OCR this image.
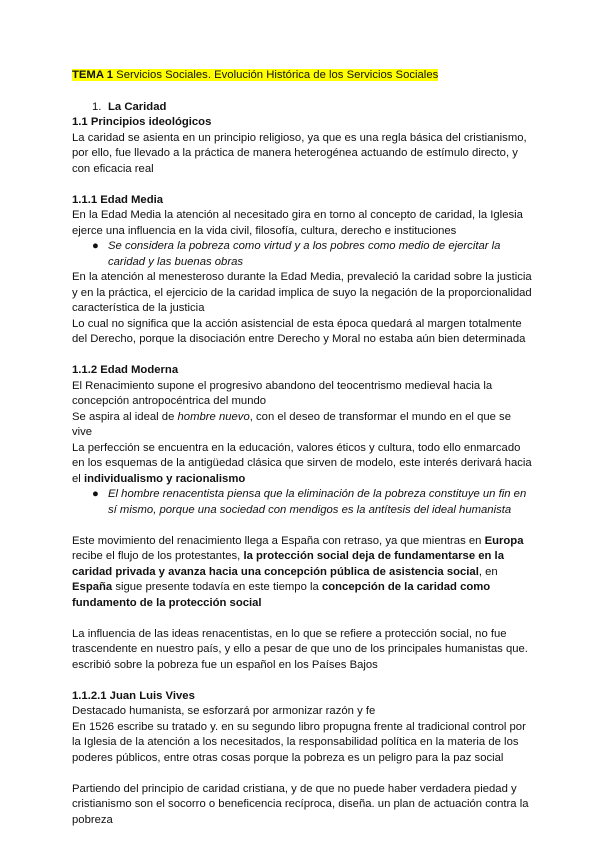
TEMA 1 Servicios Sociales. Evolución Histórica de los Servicios Sociales

1. La Caridad

1.1 Principios ideológicos

La caridad se asienta en un principio religioso, ya que es una regla básica del cristianismo, por ello, fue llevado a la práctica de manera heterogénea actuando de estímulo directo, y con eficacia real

1.1.1 Edad Media

En la Edad Media la atención al necesitado gira en torno al concepto de caridad, la Iglesia ejerce una influencia en la vida civil, filosofía, cultura, derecho e instituciones

● Se considera la pobreza como virtud y a los pobres como medio de ejercitar la caridad y las buenas obras

En la atención al menesteroso durante la Edad Media, prevaleció la caridad sobre la justicia y en la práctica, el ejercicio de la caridad implica de suyo la negación de la proporcionalidad característica de la justicia

Lo cual no significa que la acción asistencial de esta época quedará al margen totalmente del Derecho, porque la disociación entre Derecho y Moral no estaba aún bien determinada

1.1.2 Edad Moderna

El Renacimiento supone el progresivo abandono del teocentrismo medieval hacia la concepción antropocéntrica del mundo

Se aspira al ideal de hombre nuevo, con el deseo de transformar el mundo en el que se vive

La perfección se encuentra en la educación, valores éticos y cultura, todo ello enmarcado en los esquemas de la antigüedad clásica que sirven de modelo, este interés derivará hacia el individualismo y racionalismo

● El hombre renacentista piensa que la eliminación de la pobreza constituye un fin en sí mismo, porque una sociedad con mendigos es la antítesis del ideal humanista

Este movimiento del renacimiento llega a España con retraso, ya que mientras en Europa recibe el flujo de los protestantes, la protección social deja de fundamentarse en la caridad privada y avanza hacia una concepción pública de asistencia social, en España sigue presente todavía en este tiempo la concepción de la caridad como fundamento de la protección social

La influencia de las ideas renacentistas, en lo que se refiere a protección social, no fue trascendente en nuestro país, y ello a pesar de que uno de los principales humanistas que. escribió sobre la pobreza fue un español en los Países Bajos

1.1.2.1 Juan Luis Vives

Destacado humanista, se esforzará por armonizar razón y fe

En 1526 escribe su tratado y. en su segundo libro propugna frente al tradicional control por la Iglesia de la atención a los necesitados, la responsabilidad política en la materia de los poderes públicos, entre otras cosas porque la pobreza es un peligro para la paz social

Partiendo del principio de caridad cristiana, y de que no puede haber verdadera piedad y cristianismo son el socorro o beneficencia recíproca, diseña. un plan de actuación contra la pobreza
